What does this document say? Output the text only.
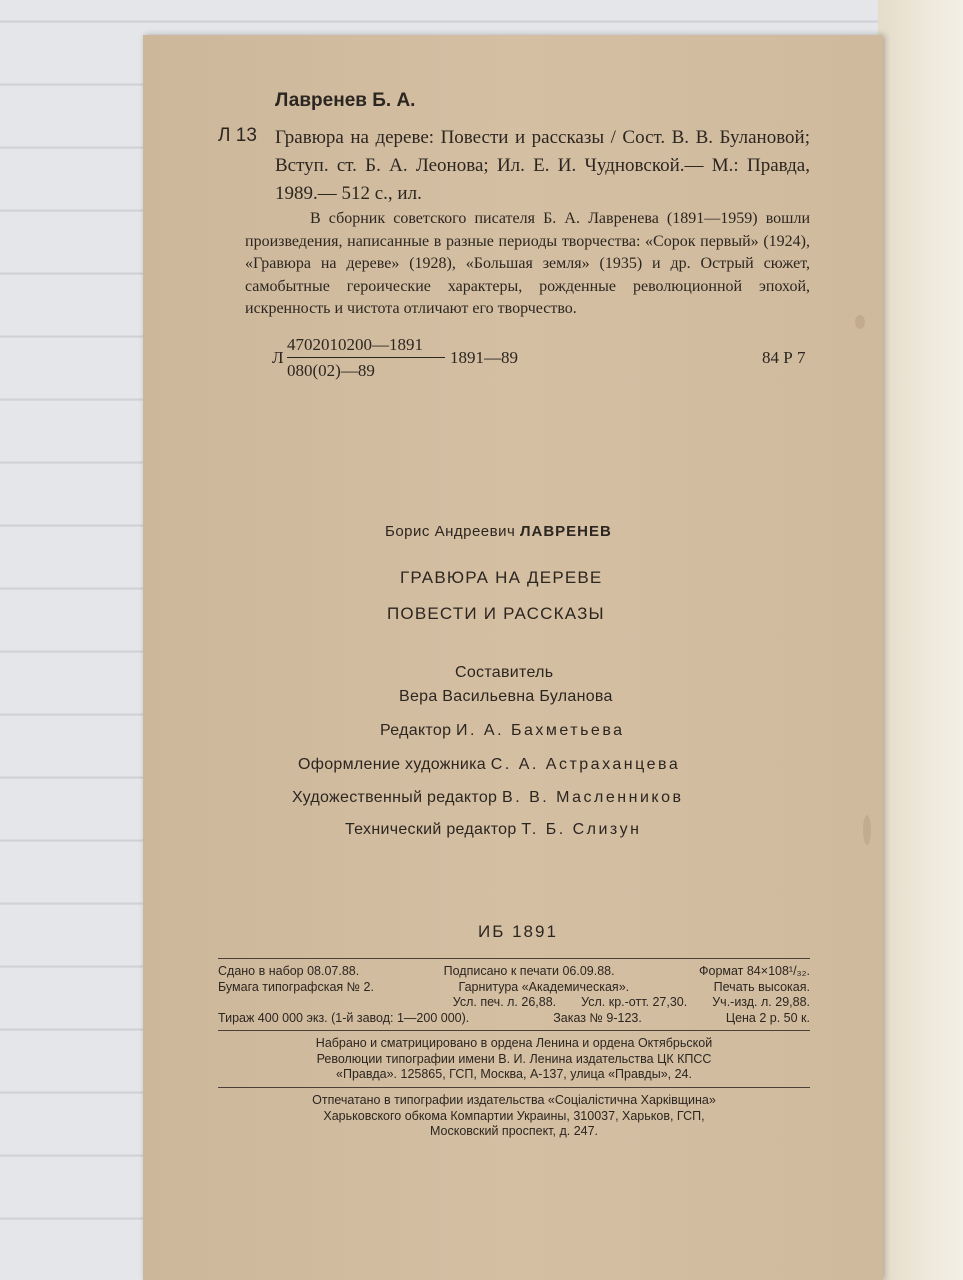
Лавренев Б. А.
Л 13 Гравюра на дереве: Повести и рассказы / Сост. В. В. Булановой; Вступ. ст. Б. А. Леонова; Ил. Е. И. Чудновской.— М.: Правда, 1989.— 512 с., ил.
В сборник советского писателя Б. А. Лавренева (1891—1959) вошли произведения, написанные в разные периоды творчества: «Сорок первый» (1924), «Гравюра на дереве» (1928), «Большая земля» (1935) и др. Острый сюжет, самобытные героические характеры, рожденные революционной эпохой, искренность и чистота отличают его творчество.
Л
4702010200—1891
080(02)—89
1891—89	84 Р 7
Борис Андреевич ЛАВРЕНЕВ
ГРАВЮРА НА ДЕРЕВЕ
ПОВЕСТИ И РАССКАЗЫ
Составитель
Вера Васильевна Буланова
Редактор И. А. Бахметьева
Оформление художника С. А. Астраханцева
Художественный редактор В. В. Масленников
Технический редактор Т. Б. Слизун
ИБ 1891
Сдано в набор 08.07.88.	Подписано к печати 06.09.88.	Формат 84×108¹/₃₂.
Бумага типографская № 2.	Гарнитура «Академическая».	Печать высокая.
Усл. печ. л. 26,88. Усл. кр.-отт. 27,30. Уч.-изд. л. 29,88.
Тираж 400 000 экз. (1-й завод: 1—200 000).	Заказ № 9-123.	Цена 2 р. 50 к.
Набрано и сматрицировано в ордена Ленина и ордена Октябрьской
Революции типографии имени В. И. Ленина издательства ЦК КПСС
«Правда». 125865, ГСП, Москва, А-137, улица «Правды», 24.
Отпечатано в типографии издательства «Соціалістична Харківщина»
Харьковского обкома Компартии Украины, 310037, Харьков, ГСП,
Московский проспект, д. 247.
